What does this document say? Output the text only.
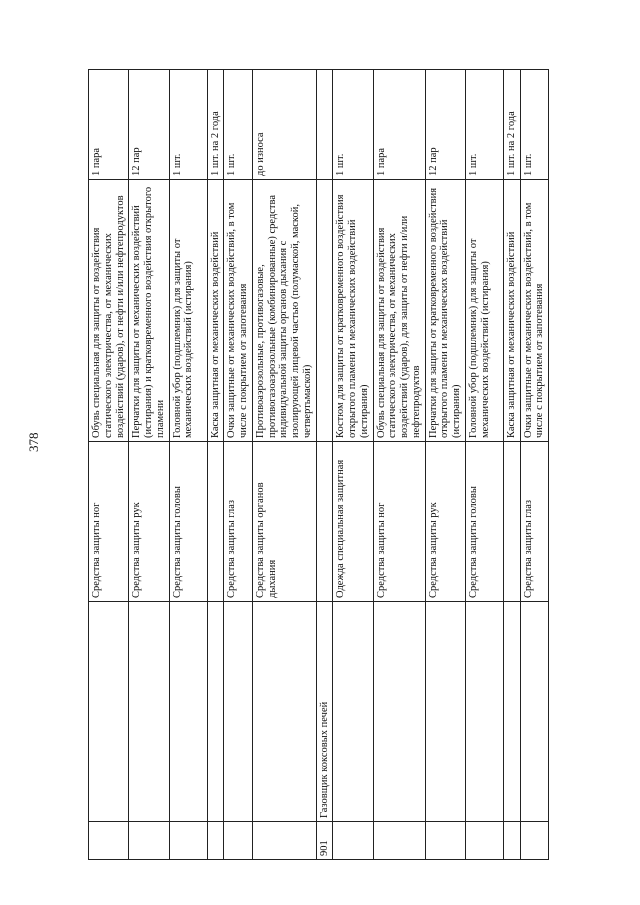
378
		Средства защиты ног	Обувь специальная для защиты от воздействия статического электричества, от механических воздействий (ударов), от нефти и/или нефтепродуктов	1 пара
		Средства защиты рук	Перчатки для защиты от механических воздействий (истирания) и кратковременного воздействия открытого пламени	12 пар
		Средства защиты головы	Головной убор (подшлемник) для защиты от механических воздействий (истирания)	1 шт.
			Каска защитная от механических воздействий	1 шт. на 2 года
		Средства защиты глаз	Очки защитные от механических воздействий, в том числе с покрытием от запотевания	1 шт.
		Средства защиты органов дыхания	Противоаэрозольные, противогазовые, противогазоаэрозольные (комбинированные) средства индивидуальной защиты органов дыхания с изолирующей лицевой частью (полумаской, маской, четвертьмаской)	до износа
901	Газовщик коксовых печей			
		Одежда специальная защитная	Костюм для защиты от кратковременного воздействия открытого пламени и механических воздействий (истирания)	1 шт.
		Средства защиты ног	Обувь специальная для защиты от воздействия статического электричества, от механических воздействий (ударов), для защиты от нефти и/или нефтепродуктов	1 пара
		Средства защиты рук	Перчатки для защиты от кратковременного воздействия открытого пламени и механических воздействий (истирания)	12 пар
		Средства защиты головы	Головной убор (подшлемник) для защиты от механических воздействий (истирания)	1 шт.
			Каска защитная от механических воздействий	1 шт. на 2 года
		Средства защиты глаз	Очки защитные от механических воздействий, в том числе с покрытием от запотевания	1 шт.
